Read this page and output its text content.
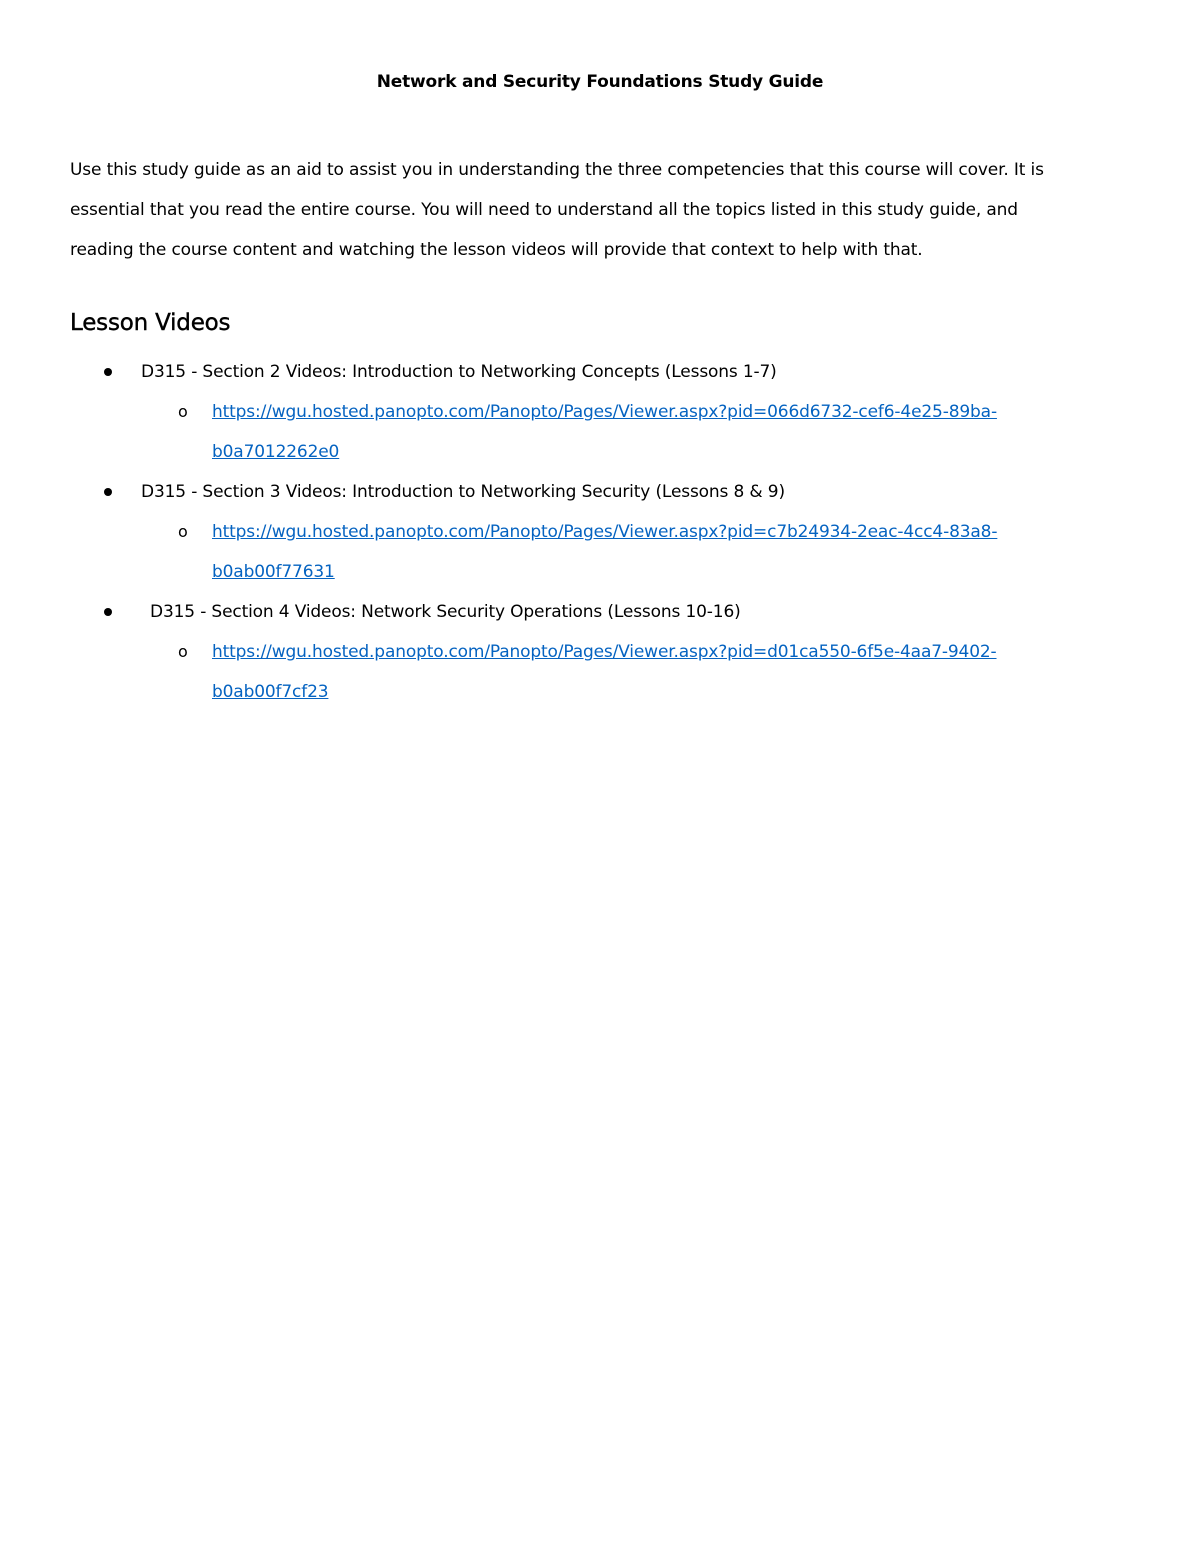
Network and Security Foundations Study Guide
Use this study guide as an aid to assist you in understanding the three competencies that this course will cover. It is
essential that you read the entire course. You will need to understand all the topics listed in this study guide, and
reading the course content and watching the lesson videos will provide that context to help with that.
Lesson Videos
D315 - Section 2 Videos: Introduction to Networking Concepts (Lessons 1-7)
o https://wgu.hosted.panopto.com/Panopto/Pages/Viewer.aspx?pid=066d6732-cef6-4e25-89ba-
b0a7012262e0
D315 - Section 3 Videos: Introduction to Networking Security (Lessons 8 & 9)
o https://wgu.hosted.panopto.com/Panopto/Pages/Viewer.aspx?pid=c7b24934-2eac-4cc4-83a8-
b0ab00f77631
D315 - Section 4 Videos: Network Security Operations (Lessons 10-16)
o https://wgu.hosted.panopto.com/Panopto/Pages/Viewer.aspx?pid=d01ca550-6f5e-4aa7-9402-
b0ab00f7cf23
